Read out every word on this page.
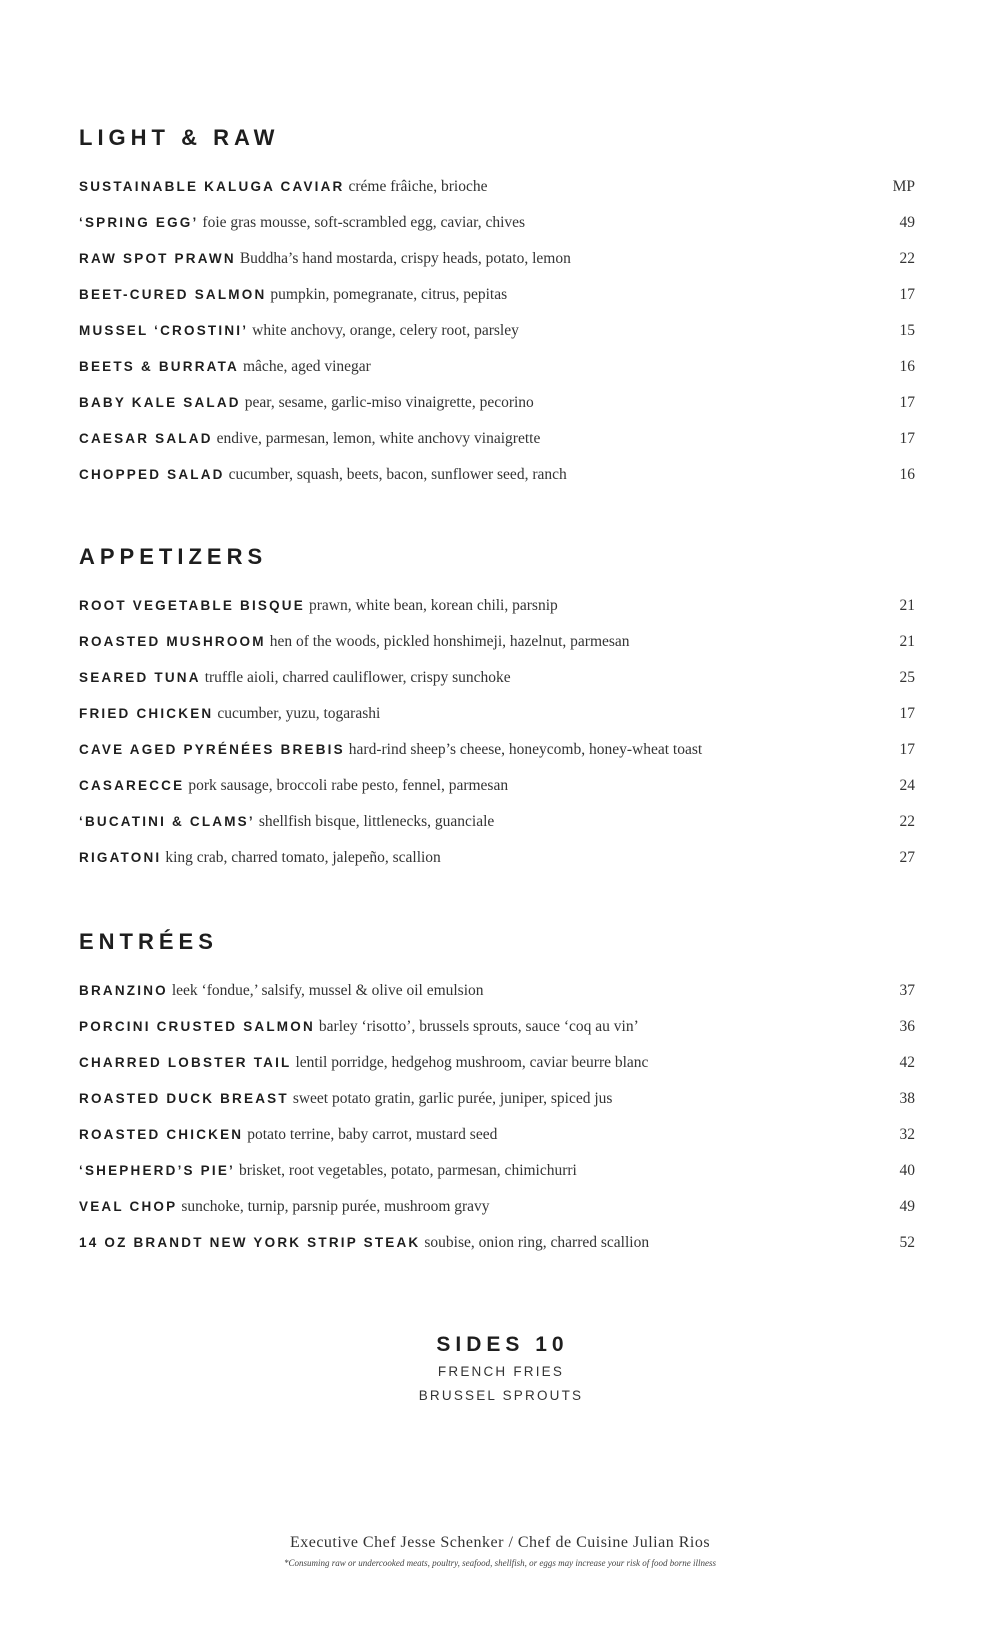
LIGHT & RAW
SUSTAINABLE KALUGA CAVIAR créme frâiche, brioche	MP
‘SPRING EGG’ foie gras mousse, soft-scrambled egg, caviar, chives	49
RAW SPOT PRAWN Buddha’s hand mostarda, crispy heads, potato, lemon	22
BEET-CURED SALMON pumpkin, pomegranate, citrus, pepitas	17
MUSSEL ‘CROSTINI’ white anchovy, orange, celery root, parsley	15
BEETS & BURRATA mâche, aged vinegar	16
BABY KALE SALAD pear, sesame, garlic-miso vinaigrette, pecorino	17
CAESAR SALAD endive, parmesan, lemon, white anchovy vinaigrette	17
CHOPPED SALAD cucumber, squash, beets, bacon, sunflower seed, ranch	16
APPETIZERS
ROOT VEGETABLE BISQUE prawn, white bean, korean chili, parsnip	21
ROASTED MUSHROOM hen of the woods, pickled honshimeji, hazelnut, parmesan	21
SEARED TUNA truffle aioli, charred cauliflower, crispy sunchoke	25
FRIED CHICKEN cucumber, yuzu, togarashi	17
CAVE AGED PYRÉNÉES BREBIS hard-rind sheep’s cheese, honeycomb, honey-wheat toast	17
CASARECCE pork sausage, broccoli rabe pesto, fennel, parmesan	24
‘BUCATINI & CLAMS’ shellfish bisque, littlenecks, guanciale	22
RIGATONI king crab, charred tomato, jalepeño, scallion	27
ENTRÉES
BRANZINO leek ‘fondue,’ salsify, mussel & olive oil emulsion	37
PORCINI CRUSTED SALMON barley ‘risotto’, brussels sprouts, sauce ‘coq au vin’	36
CHARRED LOBSTER TAIL lentil porridge, hedgehog mushroom, caviar beurre blanc	42
ROASTED DUCK BREAST sweet potato gratin, garlic purée, juniper, spiced jus	38
ROASTED CHICKEN potato terrine, baby carrot, mustard seed	32
‘SHEPHERD’S PIE’ brisket, root vegetables, potato, parmesan, chimichurri	40
VEAL CHOP sunchoke, turnip, parsnip purée, mushroom gravy	49
14 OZ BRANDT NEW YORK STRIP STEAK soubise, onion ring, charred scallion	52
SIDES 10
FRENCH FRIES
BRUSSEL SPROUTS
Executive Chef Jesse Schenker / Chef de Cuisine Julian Rios
*Consuming raw or undercooked meats, poultry, seafood, shellfish, or eggs may increase your risk of food borne illness
